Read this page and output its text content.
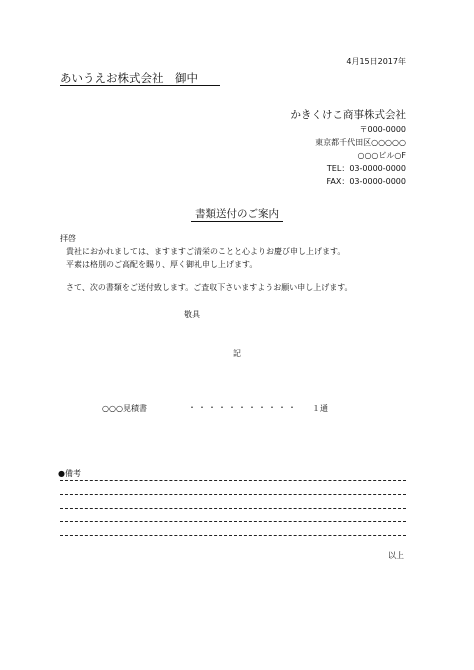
4月15日2017年
あいうえお株式会社　御中
かきくけこ商事株式会社
〒000-0000
東京都千代田区○○○○○
○○○ビル○F
TEL：03-0000-0000
FAX：03-0000-0000
書類送付のご案内
拝啓
貴社におかれましては、ますますご清栄のことと心よりお慶び申し上げます。
平素は格別のご高配を賜り、厚く御礼申し上げます。
さて、次の書類をご送付致します。ご査収下さいますようお願い申し上げます。
敬具
記
○○○見積書	・・・・・・・・・・・ １通
●備考
以上
